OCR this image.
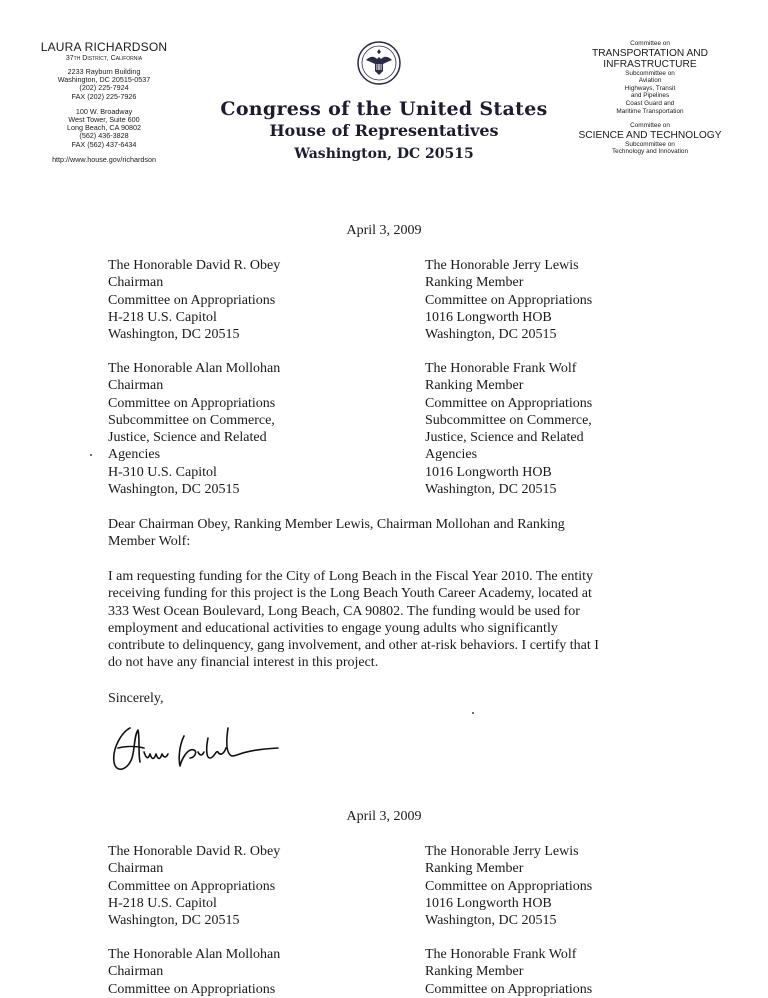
LAURA RICHARDSON
37th District, California
2233 Rayburn Building
Washington, DC 20515-0537
(202) 225-7924
FAX (202) 225-7926
100 W. Broadway
West Tower, Suite 600
Long Beach, CA 90802
(562) 436-3828
FAX (562) 437-6434
http://www.house.gov/richardson
Congress of the United States
House of Representatives
Washington, DC 20515
Committee on
TRANSPORTATION AND
INFRASTRUCTURE
Subcommittee on
Aviation
Highways, Transit
and Pipelines
Coast Guard and
Maritime Transportation
Committee on
SCIENCE AND TECHNOLOGY
Subcommittee on
Technology and Innovation
April 3, 2009
The Honorable David R. Obey
Chairman
Committee on Appropriations
H-218 U.S. Capitol
Washington, DC 20515
The Honorable Jerry Lewis
Ranking Member
Committee on Appropriations
1016 Longworth HOB
Washington, DC 20515
The Honorable Alan Mollohan
Chairman
Committee on Appropriations
Subcommittee on Commerce,
Justice, Science and Related
Agencies
H-310 U.S. Capitol
Washington, DC 20515
The Honorable Frank Wolf
Ranking Member
Committee on Appropriations
Subcommittee on Commerce,
Justice, Science and Related
Agencies
1016 Longworth HOB
Washington, DC 20515
Dear Chairman Obey, Ranking Member Lewis, Chairman Mollohan and Ranking
Member Wolf:
I am requesting funding for the City of Long Beach in the Fiscal Year 2010. The entity
receiving funding for this project is the Long Beach Youth Career Academy, located at
333 West Ocean Boulevard, Long Beach, CA 90802. The funding would be used for
employment and educational activities to engage young adults who significantly
contribute to delinquency, gang involvement, and other at-risk behaviors. I certify that I
do not have any financial interest in this project.
Sincerely,
April 3, 2009
The Honorable David R. Obey
Chairman
Committee on Appropriations
H-218 U.S. Capitol
Washington, DC 20515
The Honorable Jerry Lewis
Ranking Member
Committee on Appropriations
1016 Longworth HOB
Washington, DC 20515
The Honorable Alan Mollohan
Chairman
Committee on Appropriations
The Honorable Frank Wolf
Ranking Member
Committee on Appropriations
